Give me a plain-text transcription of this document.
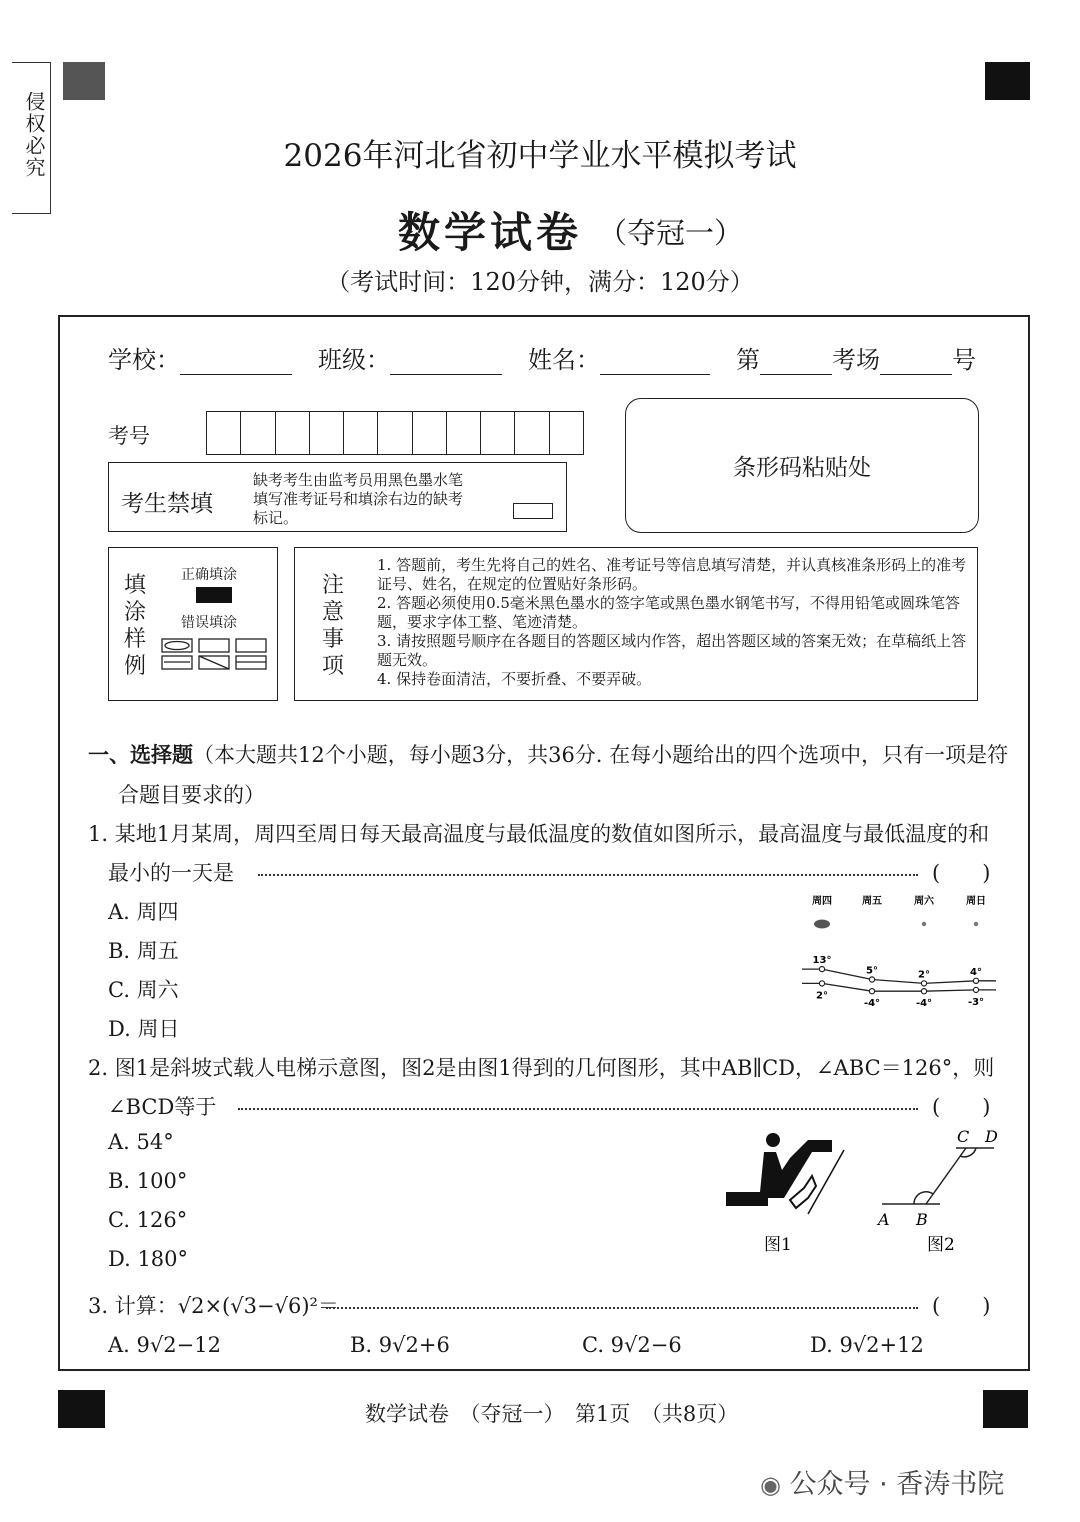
侵权必究	2026年河北省初中学业水平模拟考试
数学试卷 （夺冠一）
（考试时间：120分钟，满分：120分）
学校：	班级：	姓名：	第	考场	号
考号
条形码粘贴处
考生禁填
缺考考生由监考员用黑色墨水笔填写准考证号和填涂右边的缺考标记。
填涂样例
正确填涂
错误填涂
注意事项
1. 答题前，考生先将自己的姓名、准考证号等信息填写清楚，并认真核准条形码上的准考证号、姓名，在规定的位置贴好条形码。
2. 答题必须使用0.5毫米黑色墨水的签字笔或黑色墨水钢笔书写，不得用铅笔或圆珠笔答题，要求字体工整、笔迹清楚。
3. 请按照题号顺序在各题目的答题区域内作答，超出答题区域的答案无效；在草稿纸上答题无效。
4. 保持卷面清洁，不要折叠、不要弄破。
一、选择题（本大题共12个小题，每小题3分，共36分. 在每小题给出的四个选项中，只有一项是符
合题目要求的）
1. 某地1月某周，周四至周日每天最高温度与最低温度的数值如图所示，最高温度与最低温度的和
最小的一天是	(　　)
A. 周四
B. 周五
C. 周六
D. 周日
周四	周五	周六	周日
13°
5°	2°	4°
2°
-4°	-4°	-3°
2. 图1是斜坡式载人电梯示意图，图2是由图1得到的几何图形，其中AB∥CD，∠ABC＝126°，则
∠BCD等于	(　　)
A. 54°
B. 100°
C. 126°
D. 180°
A B
C D
图1	图2
3. 计算：√2×(√3−√6)²＝	(　　)
A. 9√2−12	B. 9√2+6	C. 9√2−6	D. 9√2+12
数学试卷　（夺冠一）　第1页　（共8页）
◉ 公众号 · 香涛书院
